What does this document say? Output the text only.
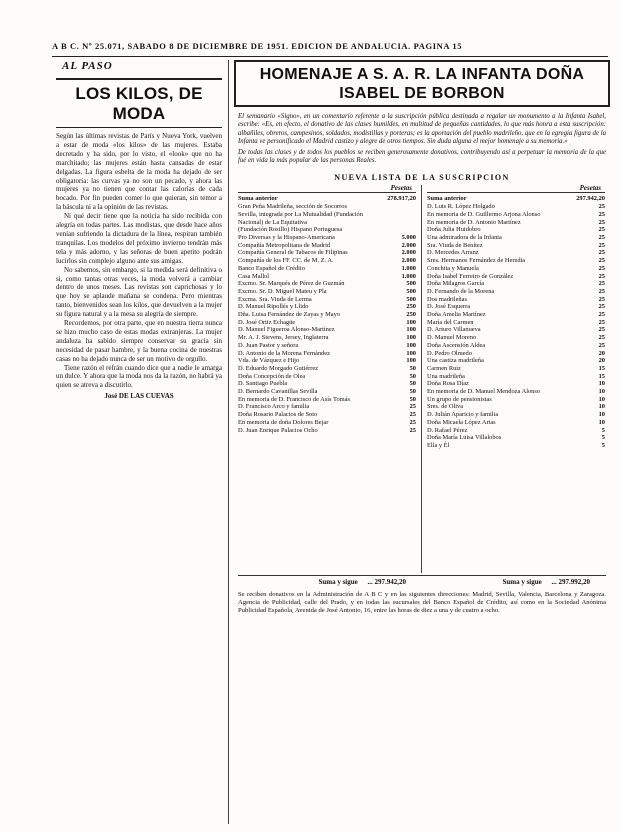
A B C. Nº 25.071, SABADO 8 DE DICIEMBRE DE 1951. EDICION DE ANDALUCIA. PAGINA 15
AL PASO
LOS KILOS, DE MODA

Según las últimas revistas de París y Nueva York, vuelven a estar de moda «los kilos» de las mujeres. Estaba decretado y ha sido, por lo visto, el «look» que no ha marchitado; las mujeres están hasta cansadas de estar delgadas. La figura esbelta de la moda ha dejado de ser obligatoria: las curvas ya no son un pecado, y ahora las mujeres ya no tienen que contar las calorías de cada bocado. Por fin pueden comer lo que quieran, sin temor a la báscula ni a la opinión de las revistas.

Ni qué decir tiene que la noticia ha sido recibida con alegría en todas partes. Las modistas, que desde hace años venían sufriendo la dictadura de la línea, respiran también tranquilas. Los modelos del próximo invierno tendrán más tela y más adorno, y las señoras de buen apetito podrán lucirlos sin complejo alguno ante sus amigas.

No sabemos, sin embargo, si la medida será definitiva o si, como tantas otras veces, la moda volverá a cambiar dentro de unos meses. Las revistas son caprichosas y lo que hoy se aplaude mañana se condena. Pero mientras tanto, bienvenidos sean los kilos, que devuelven a la mujer su figura natural y a la mesa su alegría de siempre.

Recordemos, por otra parte, que en nuestra tierra nunca se hizo mucho caso de estas modas extranjeras. La mujer andaluza ha sabido siempre conservar su gracia sin necesidad de pasar hambre, y la buena cocina de nuestras casas no ha dejado nunca de ser un motivo de orgullo.

Tiene razón el refrán cuando dice que a nadie le amarga un dulce. Y ahora que la moda nos da la razón, no habrá ya quien se atreva a discutirlo.

José DE LAS CUEVAS
HOMENAJE A S. A. R. LA INFANTA DOÑA ISABEL DE BORBON

El semanario «Signo», en un comentario referente a la suscripción pública destinada a regalar un monumento a la Infanta Isabel, escribe: «Es, en efecto, el donativo de las clases humildes, en multitud de pequeñas cantidades, lo que más honra a esta suscripción: albañiles, obreros, campesinos, soldados, modistillas y porteras; es la aportación del pueblo madrileño, que en la egregia figura de la Infanta ve personificado el Madrid castizo y alegre de otros tiempos. Sin duda alguna el mejor homenaje a su memoria.»

De todas las clases y de todos los pueblos se reciben generosamente donativos, contribuyendo así a perpetuar la memoria de la que fué en vida la más popular de las personas Reales.

NUEVA LISTA DE LA SUSCRIPCION
Pesetas
Suma anterior	278.917,20
Gran Peña Madrileña, sección de Socorros
Sevilla, integrada por La Mutualidad (Fundación Nacional) de La Equitativa
(Fundación Rosillo) Hispano Portuguesa
Pro Diversas y la Hispano-Americana	5.000
Compañía Metropolitana de Madrid	2.000
Compañía General de Tabacos de Filipinas	2.000
Compañía de los FF. CC. de M. Z. A.	2.000
Banco Español de Crédito	1.000
Casa Mallol	1.000
Excmo. Sr. Marqués de Pérez de Guzmán	500
Excmo. Sr. D. Miguel Mateu y Pla	500
Excma. Sra. Viuda de Lerma	500
D. Manuel Ripollés y Llido	250
Dña. Luisa Fernández de Zayas y Mayo	250
D. José Ortiz Echagüe	100
D. Manuel Figueroa Alonso-Martínez	100
Mr. A. J. Stevens, Jersey, Inglaterra	100
D. Juan Pastor y señora	100
D. Antonio de la Morena Fernández	100
Vda. de Vázquez e Hijo	100
D. Eduardo Morgado Gutiérrez	50
Doña Concepción de Olea	50
D. Santiago Puebla	50
D. Bernardo Cavanillas Sevilla	50
En memoria de D. Francisco de Asís Tomás	50
D. Francisco Arco y familia	25
Doña Rosario Palacios de Soto	25
En memoria de doña Dolores Bejar	25
D. Juan Enrique Palacios Ocho	25
Pesetas
Suma anterior	297.942,20
D. Luis R. López Holgado	25
En memoria de D. Guillermo Arjona Alonso	25
En memoria de D. Antonio Martínez	25
Doña Julia Huidobro	25
Una admiradora de la Infanta	25
Sra. Viuda de Benítez	25
D. Mercedes Arranz	25
Sres. Hermanos Fernández de Heredia	25
Conchita y Manuela	25
Doña Isabel Ferreiro de González	25
Doña Milagros García	25
D. Fernando de la Morena	25
Dos madrileñas	25
D. José Esquerra	25
Doña Amelia Martínez	25
María del Carmen	25
D. Arturo Villanueva	25
D. Manuel Moreno	25
Doña Ascensión Aldea	25
D. Pedro Olmedo	20
Una castiza madrileña	20
Carmen Ruiz	15
Una madrileña	15
Doña Rosa Díaz	10
En memoria de D. Manuel Mendoza Alonso	10
Un grupo de pensionistas	10
Sres. de Oliva	10
D. Julián Aparicio y familia	10
Doña Micaela López Arias	10
D. Rafael Pérez	5
Doña María Luisa Villalobos	5
Ella y Él	5
Suma y sigue ... 297.942,20	Suma y sigue ... 297.992,20

Se reciben donativos en la Administración de A B C y en las siguientes direcciones: Madrid, Sevilla, Valencia, Barcelona y Zaragoza. Agencia de Publicidad, calle del Prado, y en todas las sucursales del Banco Español de Crédito, así como en la Sociedad Anónima Publicidad Española, Avenida de José Antonio, 16, entre las horas de diez a una y de cuatro a ocho.
